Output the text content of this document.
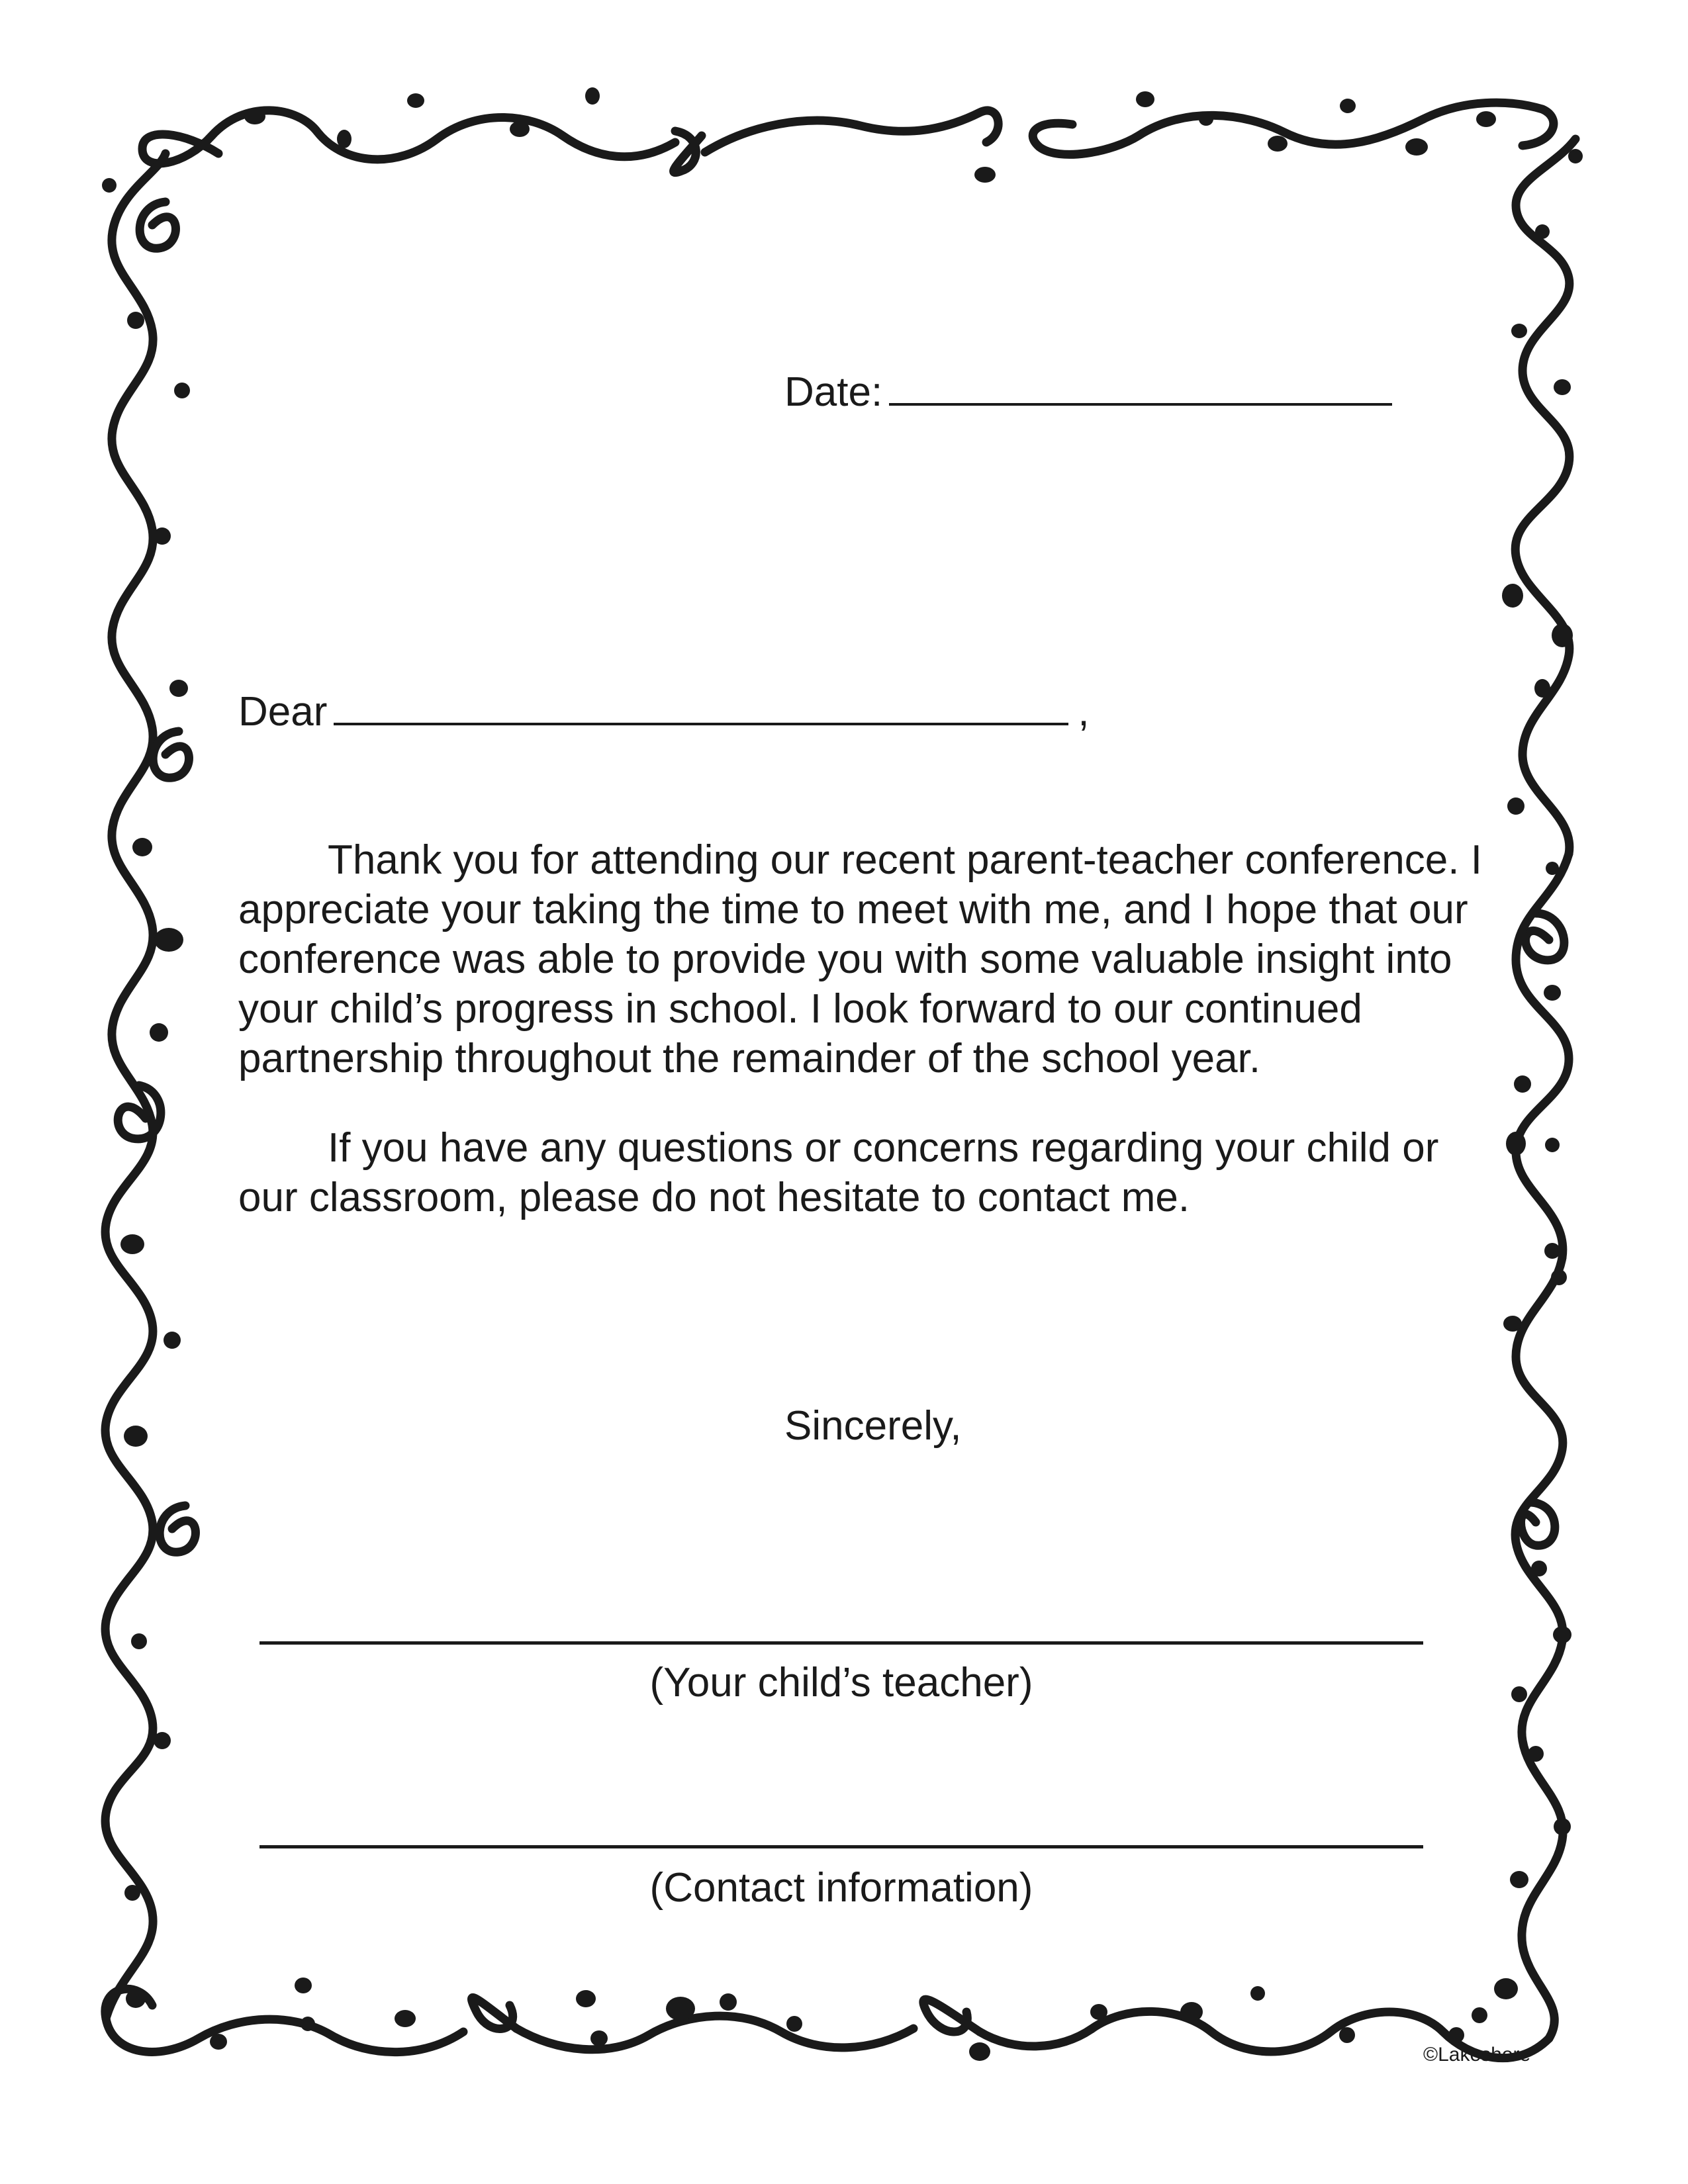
Date:
Dear	,

Thank you for attending our recent parent-teacher conference. I appreciate your taking the time to meet with me, and I hope that our conference was able to provide you with some valuable insight into your child’s progress in school. I look forward to our continued partnership throughout the remainder of the school year.

If you have any questions or concerns regarding your child or our classroom, please do not hesitate to contact me.

Sincerely,
(Your child’s teacher)
(Contact information)
©Lakeshore
